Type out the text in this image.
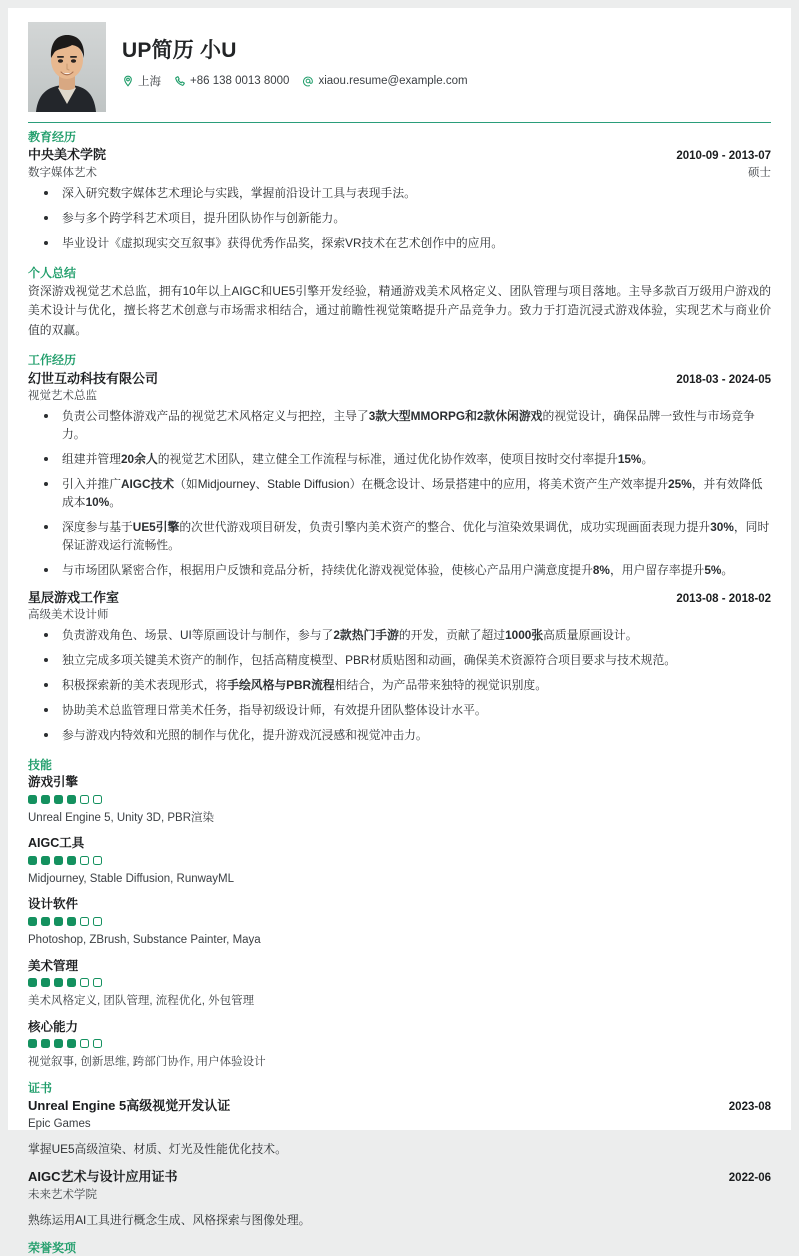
UP简历 小U
上海	+86 138 0013 8000	xiaou.resume@example.com
教育经历
中央美术学院	2010-09 - 2013-07
数字媒体艺术	硕士
深入研究数字媒体艺术理论与实践，掌握前沿设计工具与表现手法。
参与多个跨学科艺术项目，提升团队协作与创新能力。
毕业设计《虚拟现实交互叙事》获得优秀作品奖，探索VR技术在艺术创作中的应用。
个人总结
资深游戏视觉艺术总监，拥有10年以上AIGC和UE5引擎开发经验，精通游戏美术风格定义、团队管理与项目落地。主导多款百万级用户游戏的美术设计与优化，擅长将艺术创意与市场需求相结合，通过前瞻性视觉策略提升产品竞争力。致力于打造沉浸式游戏体验，实现艺术与商业价值的双赢。
工作经历
幻世互动科技有限公司	2018-03 - 2024-05
视觉艺术总监
负责公司整体游戏产品的视觉艺术风格定义与把控，主导了3款大型MMORPG和2款休闲游戏的视觉设计，确保品牌一致性与市场竞争力。
组建并管理20余人的视觉艺术团队，建立健全工作流程与标准，通过优化协作效率，使项目按时交付率提升15%。
引入并推广AIGC技术（如Midjourney、Stable Diffusion）在概念设计、场景搭建中的应用，将美术资产生产效率提升25%，并有效降低成本10%。
深度参与基于UE5引擎的次世代游戏项目研发，负责引擎内美术资产的整合、优化与渲染效果调优，成功实现画面表现力提升30%，同时保证游戏运行流畅性。
与市场团队紧密合作，根据用户反馈和竞品分析，持续优化游戏视觉体验，使核心产品用户满意度提升8%，用户留存率提升5%。
星辰游戏工作室	2013-08 - 2018-02
高级美术设计师
负责游戏角色、场景、UI等原画设计与制作，参与了2款热门手游的开发，贡献了超过1000张高质量原画设计。
独立完成多项关键美术资产的制作，包括高精度模型、PBR材质贴图和动画，确保美术资源符合项目要求与技术规范。
积极探索新的美术表现形式，将手绘风格与PBR流程相结合，为产品带来独特的视觉识别度。
协助美术总监管理日常美术任务，指导初级设计师，有效提升团队整体设计水平。
参与游戏内特效和光照的制作与优化，提升游戏沉浸感和视觉冲击力。
技能
游戏引擎
Unreal Engine 5, Unity 3D, PBR渲染
AIGC工具
Midjourney, Stable Diffusion, RunwayML
设计软件
Photoshop, ZBrush, Substance Painter, Maya
美术管理
美术风格定义, 团队管理, 流程优化, 外包管理
核心能力
视觉叙事, 创新思维, 跨部门协作, 用户体验设计
证书
Unreal Engine 5高级视觉开发认证	2023-08
Epic Games
掌握UE5高级渲染、材质、灯光及性能优化技术。
AIGC艺术与设计应用证书	2022-06
未来艺术学院
熟练运用AI工具进行概念生成、风格探索与图像处理。
荣誉奖项
